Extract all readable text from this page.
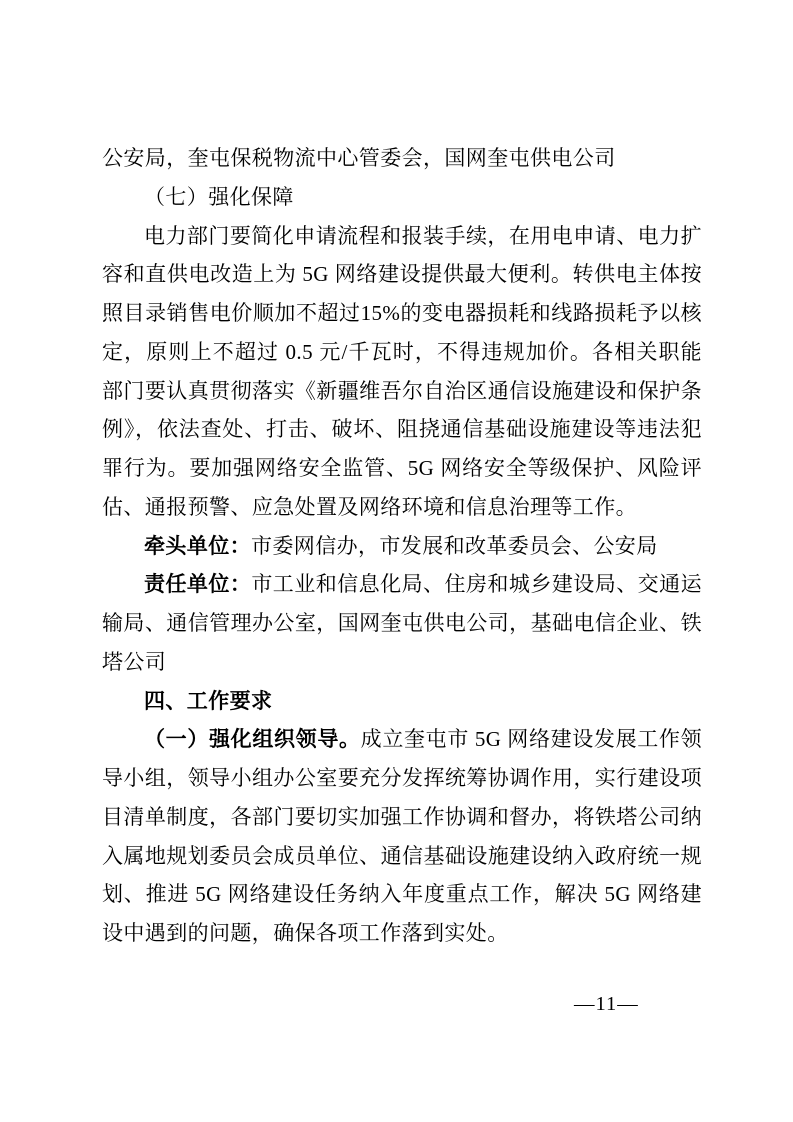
公安局，奎屯保税物流中心管委会，国网奎屯供电公司

（七）强化保障

电力部门要简化申请流程和报装手续，在用电申请、电力扩容和直供电改造上为 5G 网络建设提供最大便利。转供电主体按照目录销售电价顺加不超过15%的变电器损耗和线路损耗予以核定，原则上不超过 0.5 元/千瓦时，不得违规加价。各相关职能部门要认真贯彻落实《新疆维吾尔自治区通信设施建设和保护条例》，依法查处、打击、破坏、阻挠通信基础设施建设等违法犯罪行为。要加强网络安全监管、5G 网络安全等级保护、风险评估、通报预警、应急处置及网络环境和信息治理等工作。

牵头单位：市委网信办，市发展和改革委员会、公安局

责任单位：市工业和信息化局、住房和城乡建设局、交通运输局、通信管理办公室，国网奎屯供电公司，基础电信企业、铁塔公司

四、工作要求

（一）强化组织领导。成立奎屯市 5G 网络建设发展工作领导小组，领导小组办公室要充分发挥统筹协调作用，实行建设项目清单制度，各部门要切实加强工作协调和督办，将铁塔公司纳入属地规划委员会成员单位、通信基础设施建设纳入政府统一规划、推进 5G 网络建设任务纳入年度重点工作，解决 5G 网络建设中遇到的问题，确保各项工作落到实处。

—11—
